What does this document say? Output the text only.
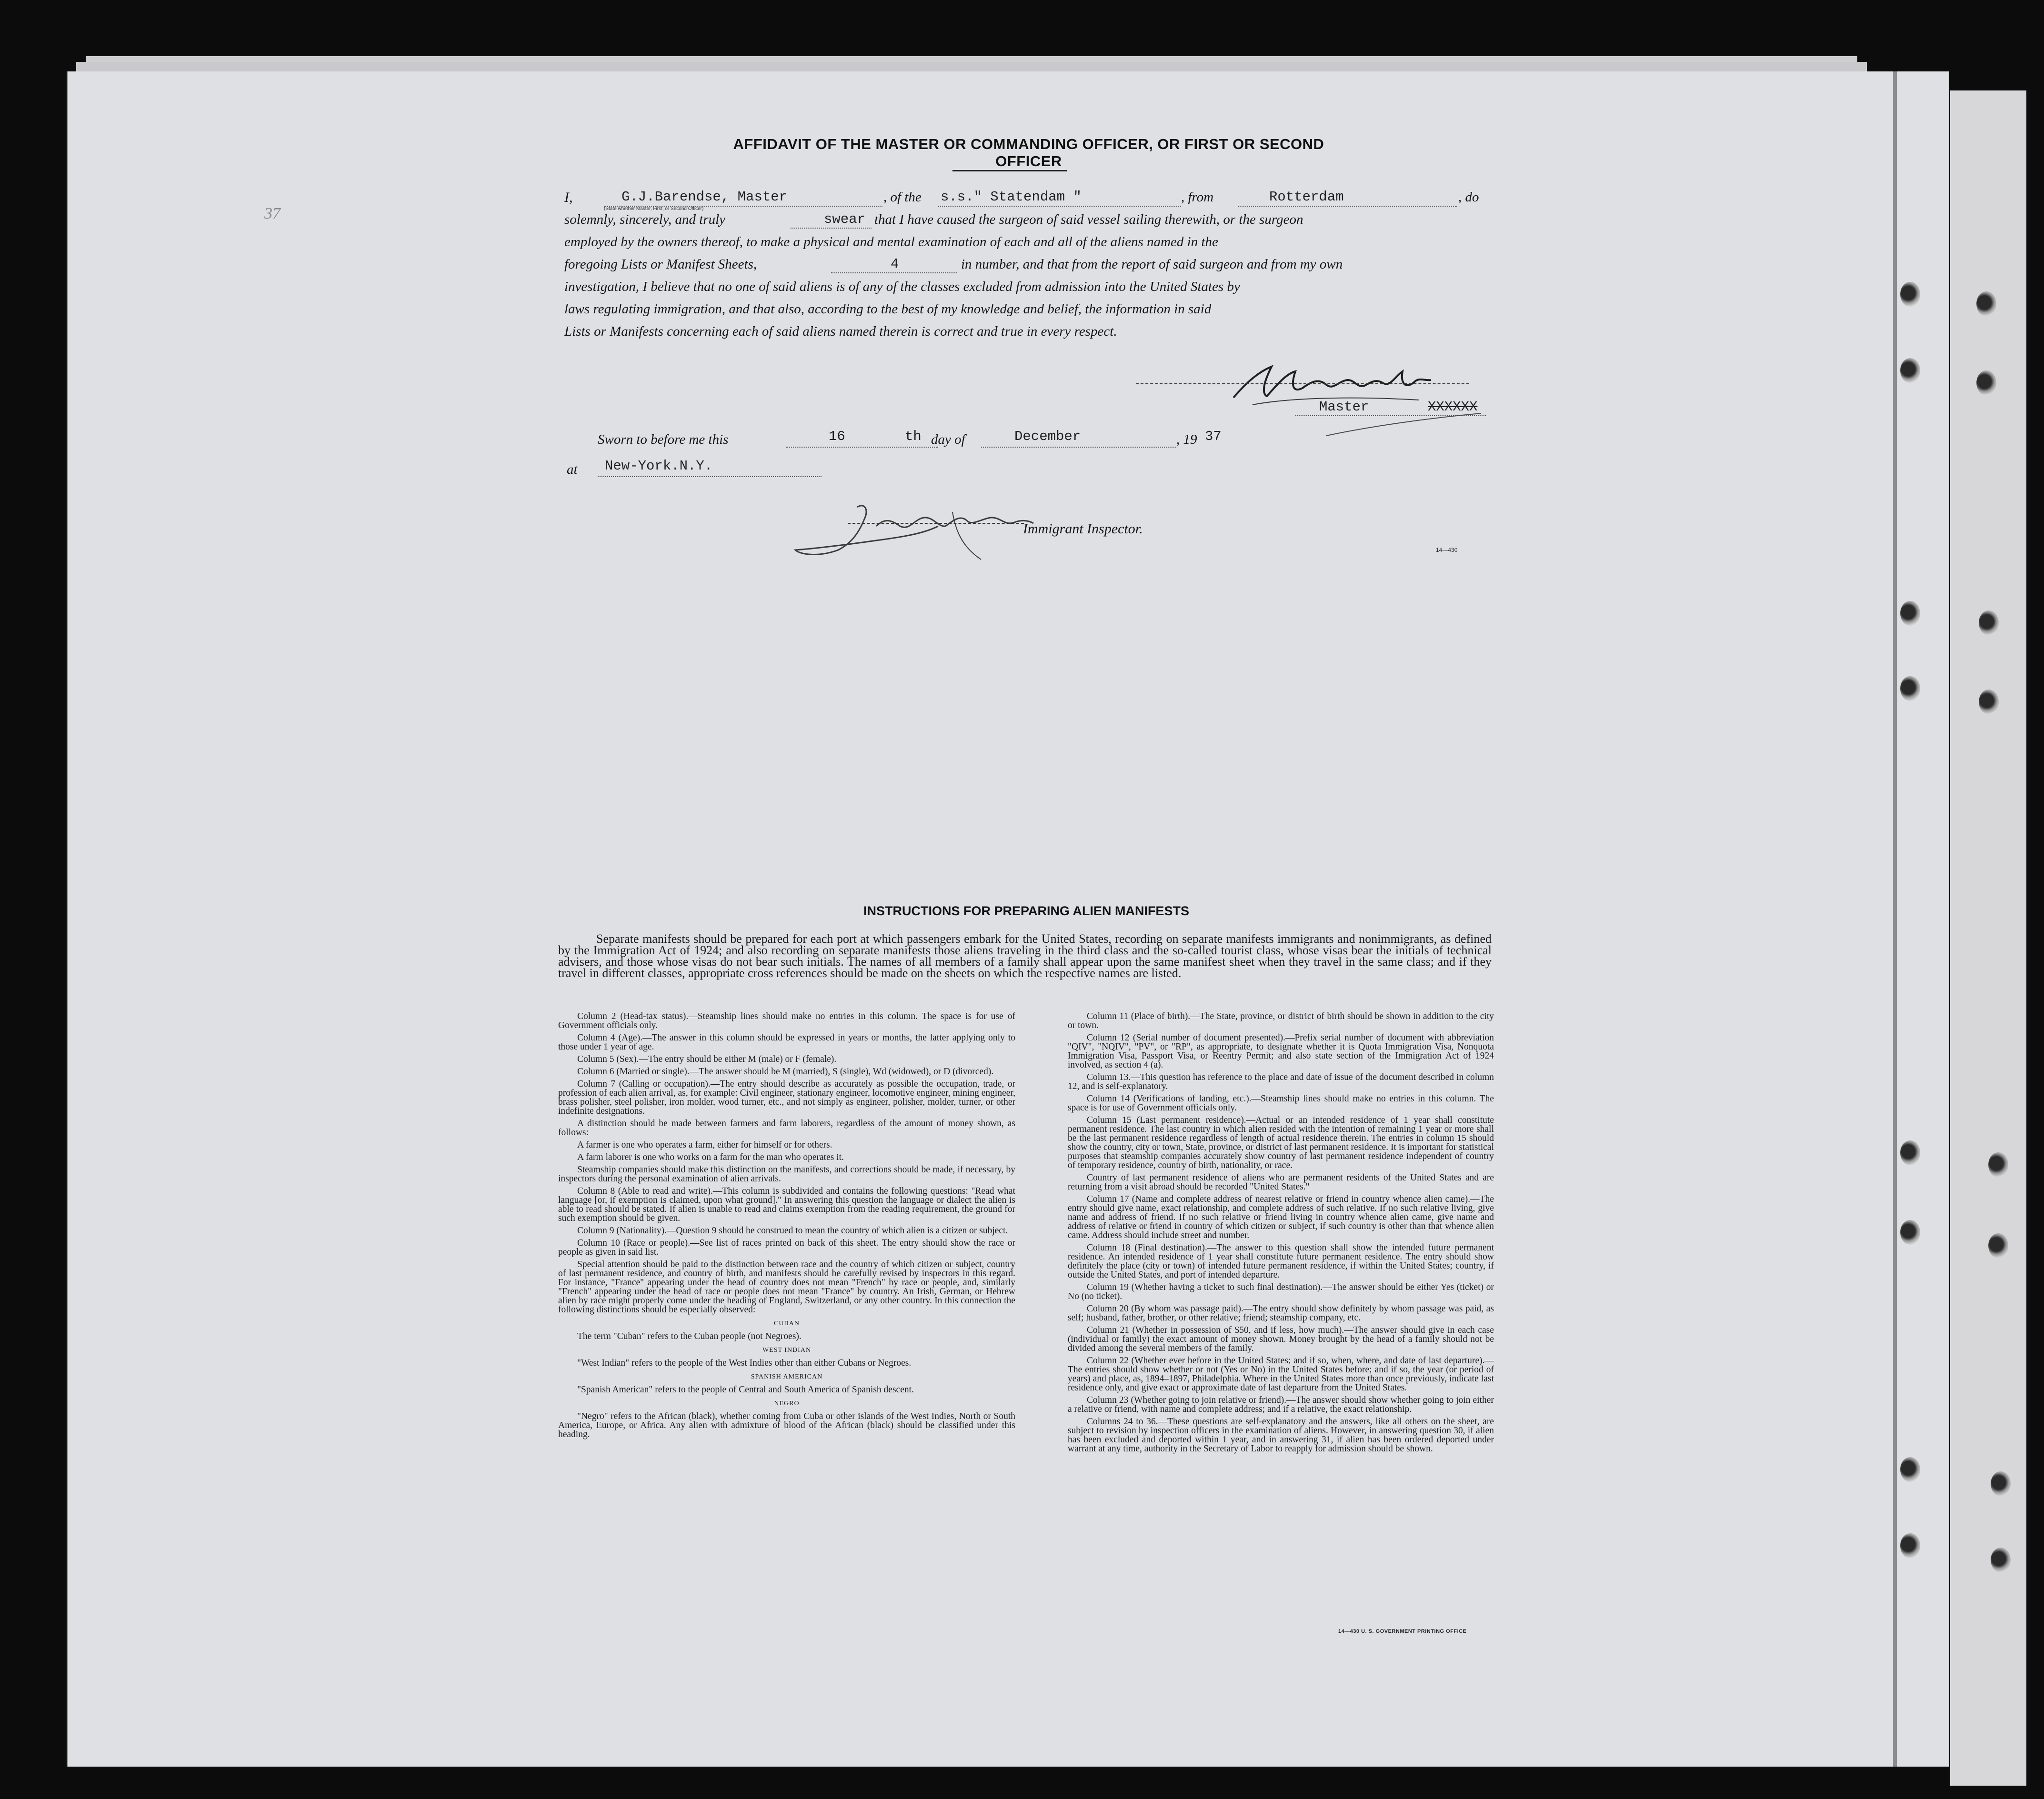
37
AFFIDAVIT OF THE MASTER OR COMMANDING OFFICER, OR FIRST OR SECOND OFFICER
I,	G.J.Barendse, Master
(State whether Master, First, or Second Officer)
, of the s.s." Statendam "	, from	Rotterdam	, do
solemnly, sincerely, and truly	swear that I have caused the surgeon of said vessel sailing therewith, or the surgeon
employed by the owners thereof, to make a physical and mental examination of each and all of the aliens named in the
foregoing Lists or Manifest Sheets,	4	in number, and that from the report of said surgeon and from my own
investigation, I believe that no one of said aliens is of any of the classes excluded from admission into the United States by
laws regulating immigration, and that also, according to the best of my knowledge and belief, the information in said
Lists or Manifests concerning each of said aliens named therein is correct and true in every respect.
Master	XXXXXX
Sworn to before me this	16	th day of	December	, 19 37
at New-York.N.Y.
Immigrant Inspector.
14—430
INSTRUCTIONS FOR PREPARING ALIEN MANIFESTS
Separate manifests should be prepared for each port at which passengers embark for the United States, recording on separate manifests immigrants and nonimmigrants, as defined by the Immigration Act of 1924; and also recording on separate manifests those aliens traveling in the third class and the so-called tourist class, whose visas bear the initials of technical advisers, and those whose visas do not bear such initials. The names of all members of a family shall appear upon the same manifest sheet when they travel in the same class; and if they travel in different classes, appropriate cross references should be made on the sheets on which the respective names are listed.

Column 2 (Head-tax status).—Steamship lines should make no entries in this column. The space is for use of Government officials only.

Column 4 (Age).—The answer in this column should be expressed in years or months, the latter applying only to those under 1 year of age.

Column 5 (Sex).—The entry should be either M (male) or F (female).

Column 6 (Married or single).—The answer should be M (married), S (single), Wd (widowed), or D (divorced).

Column 7 (Calling or occupation).—The entry should describe as accurately as possible the occupation, trade, or profession of each alien arrival, as, for example: Civil engineer, stationary engineer, locomotive engineer, mining engineer, brass polisher, steel polisher, iron molder, wood turner, etc., and not simply as engineer, polisher, molder, turner, or other indefinite designations.

A distinction should be made between farmers and farm laborers, regardless of the amount of money shown, as follows:

A farmer is one who operates a farm, either for himself or for others.

A farm laborer is one who works on a farm for the man who operates it.

Steamship companies should make this distinction on the manifests, and corrections should be made, if necessary, by inspectors during the personal examination of alien arrivals.

Column 8 (Able to read and write).—This column is subdivided and contains the following questions: "Read what language [or, if exemption is claimed, upon what ground]." In answering this question the language or dialect the alien is able to read should be stated. If alien is unable to read and claims exemption from the reading requirement, the ground for such exemption should be given.

Column 9 (Nationality).—Question 9 should be construed to mean the country of which alien is a citizen or subject.

Column 10 (Race or people).—See list of races printed on back of this sheet. The entry should show the race or people as given in said list.

Special attention should be paid to the distinction between race and the country of which citizen or subject, country of last permanent residence, and country of birth, and manifests should be carefully revised by inspectors in this regard. For instance, "France" appearing under the head of country does not mean "French" by race or people, and, similarly "French" appearing under the head of race or people does not mean "France" by country. An Irish, German, or Hebrew alien by race might properly come under the heading of England, Switzerland, or any other country. In this connection the following distinctions should be especially observed:

CUBAN

The term "Cuban" refers to the Cuban people (not Negroes).

WEST INDIAN

"West Indian" refers to the people of the West Indies other than either Cubans or Negroes.

SPANISH AMERICAN

"Spanish American" refers to the people of Central and South America of Spanish descent.

NEGRO

"Negro" refers to the African (black), whether coming from Cuba or other islands of the West Indies, North or South America, Europe, or Africa. Any alien with admixture of blood of the African (black) should be classified under this heading.

Column 11 (Place of birth).—The State, province, or district of birth should be shown in addition to the city or town.

Column 12 (Serial number of document presented).—Prefix serial number of document with abbreviation "QIV", "NQIV", "PV", or "RP", as appropriate, to designate whether it is Quota Immigration Visa, Nonquota Immigration Visa, Passport Visa, or Reentry Permit; and also state section of the Immigration Act of 1924 involved, as section 4 (a).

Column 13.—This question has reference to the place and date of issue of the document described in column 12, and is self-explanatory.

Column 14 (Verifications of landing, etc.).—Steamship lines should make no entries in this column. The space is for use of Government officials only.

Column 15 (Last permanent residence).—Actual or an intended residence of 1 year shall constitute permanent residence. The last country in which alien resided with the intention of remaining 1 year or more shall be the last permanent residence regardless of length of actual residence therein. The entries in column 15 should show the country, city or town, State, province, or district of last permanent residence. It is important for statistical purposes that steamship companies accurately show country of last permanent residence independent of country of temporary residence, country of birth, nationality, or race.

Country of last permanent residence of aliens who are permanent residents of the United States and are returning from a visit abroad should be recorded "United States."

Column 17 (Name and complete address of nearest relative or friend in country whence alien came).—The entry should give name, exact relationship, and complete address of such relative. If no such relative living, give name and address of friend. If no such relative or friend living in country whence alien came, give name and address of relative or friend in country of which citizen or subject, if such country is other than that whence alien came. Address should include street and number.

Column 18 (Final destination).—The answer to this question shall show the intended future permanent residence. An intended residence of 1 year shall constitute future permanent residence. The entry should show definitely the place (city or town) of intended future permanent residence, if within the United States; country, if outside the United States, and port of intended departure.

Column 19 (Whether having a ticket to such final destination).—The answer should be either Yes (ticket) or No (no ticket).

Column 20 (By whom was passage paid).—The entry should show definitely by whom passage was paid, as self; husband, father, brother, or other relative; friend; steamship company, etc.

Column 21 (Whether in possession of $50, and if less, how much).—The answer should give in each case (individual or family) the exact amount of money shown. Money brought by the head of a family should not be divided among the several members of the family.

Column 22 (Whether ever before in the United States; and if so, when, where, and date of last departure).—The entries should show whether or not (Yes or No) in the United States before; and if so, the year (or period of years) and place, as, 1894–1897, Philadelphia. Where in the United States more than once previously, indicate last residence only, and give exact or approximate date of last departure from the United States.

Column 23 (Whether going to join relative or friend).—The answer should show whether going to join either a relative or friend, with name and complete address; and if a relative, the exact relationship.

Columns 24 to 36.—These questions are self-explanatory and the answers, like all others on the sheet, are subject to revision by inspection officers in the examination of aliens. However, in answering question 30, if alien has been excluded and deported within 1 year, and in answering 31, if alien has been ordered deported under warrant at any time, authority in the Secretary of Labor to reapply for admission should be shown.

14—430 U. S. GOVERNMENT PRINTING OFFICE
